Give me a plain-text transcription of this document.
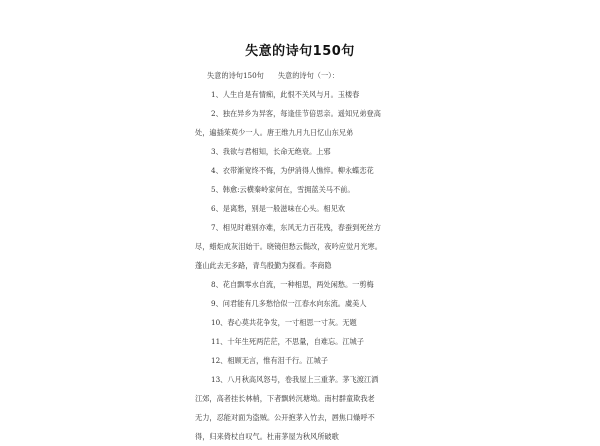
失意的诗句150句
失意的诗句150句 失意的诗句（一）：
1、人生自是有情痴，此恨不关风与月。玉楼春
2、独在异乡为异客，每逢佳节倍思亲。遥知兄弟登高
处，遍插茱萸少一人。唐王维九月九日忆山东兄弟
3、我欲与君相知，长命无绝衰。上邪
4、衣带渐宽终不悔，为伊消得人憔悴。柳永蝶恋花
5、韩愈:云横秦岭家何在，雪拥蓝关马不前。
6、是离愁，别是一般滋味在心头。相见欢
7、相见时难别亦难，东风无力百花残，春蚕到死丝方
尽，蜡炬成灰泪始干。晓镜但愁云鬓改，夜吟应觉月光寒。
蓬山此去无多路，青鸟殷勤为探看。李商隐
8、花自飘零水自流，一种相思，两处闲愁。一剪梅
9、问君能有几多愁恰似一江春水向东流。虞美人
10、春心莫共花争发，一寸相思一寸灰。无题
11、十年生死两茫茫，不思量，自难忘。江城子
12、相顾无言，惟有泪千行。江城子
13、八月秋高风怒号，卷我屋上三重茅。茅飞渡江洒
江郊，高者挂长林梢，下者飘转沉塘坳。南村群童欺我老
无力，忍能对面为盗贼。公开抱茅入竹去，唇焦口燥呼不
得，归来倚杖自叹气。杜甫茅屋为秋风所破歌
